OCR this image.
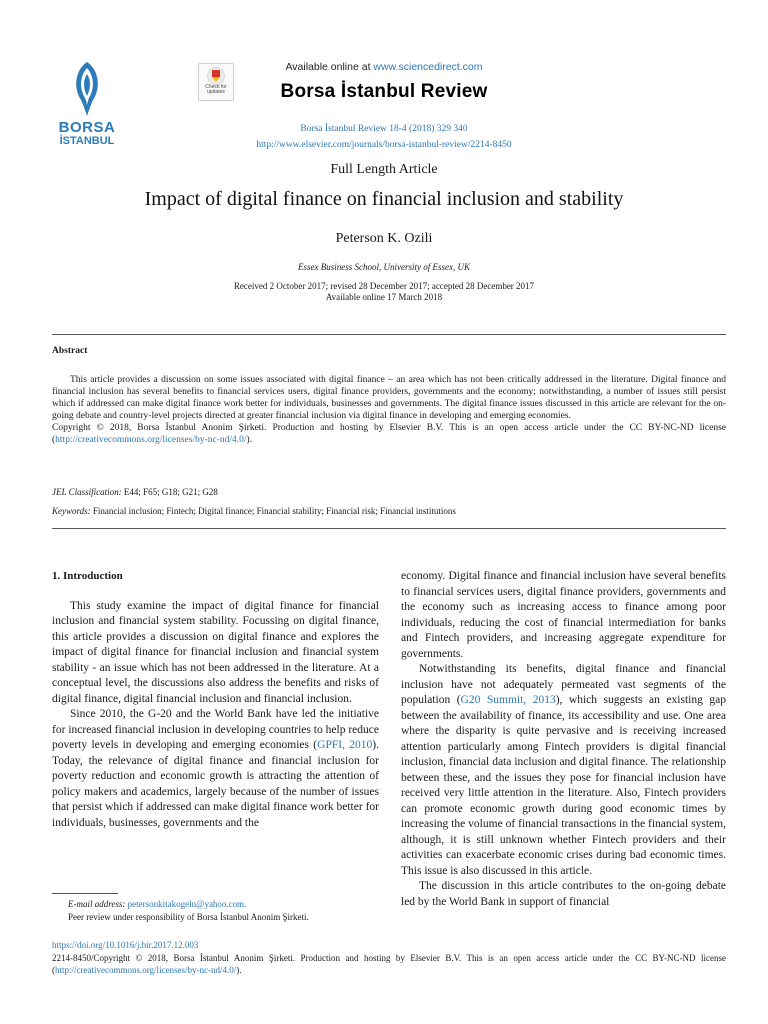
BORSA
İSTANBUL
Check for
updates
Available online at www.sciencedirect.com
Borsa İstanbul Review
Borsa İstanbul Review 18-4 (2018) 329 340
http://www.elsevier.com/journals/borsa-istanbul-review/2214-8450
Full Length Article
Impact of digital finance on financial inclusion and stability
Peterson K. Ozili
Essex Business School, University of Essex, UK
Received 2 October 2017; revised 28 December 2017; accepted 28 December 2017
Available online 17 March 2018
Abstract

This article provides a discussion on some issues associated with digital finance – an area which has not been critically addressed in the literature. Digital finance and financial inclusion has several benefits to financial services users, digital finance providers, governments and the economy; notwithstanding, a number of issues still persist which if addressed can make digital finance work better for individuals, businesses and governments. The digital finance issues discussed in this article are relevant for the on-going debate and country-level projects directed at greater financial inclusion via digital finance in developing and emerging economies.

Copyright © 2018, Borsa İstanbul Anonim Şirketi. Production and hosting by Elsevier B.V. This is an open access article under the CC BY-NC-ND license (http://creativecommons.org/licenses/by-nc-nd/4.0/).

JEL Classification: E44; F65; G18; G21; G28
Keywords: Financial inclusion; Fintech; Digital finance; Financial stability; Financial risk; Financial institutions

1. Introduction

This study examine the impact of digital finance for financial inclusion and financial system stability. Focussing on digital finance, this article provides a discussion on digital finance and explores the impact of digital finance for financial inclusion and financial system stability - an issue which has not been addressed in the literature. At a conceptual level, the discussions also address the benefits and risks of digital finance, digital financial inclusion and financial inclusion.

Since 2010, the G-20 and the World Bank have led the initiative for increased financial inclusion in developing countries to help reduce poverty levels in developing and emerging economies (GPFI, 2010). Today, the relevance of digital finance and financial inclusion for poverty reduction and economic growth is attracting the attention of policy makers and academics, largely because of the number of issues that persist which if addressed can make digital finance work better for individuals, businesses, governments and the

economy. Digital finance and financial inclusion have several benefits to financial services users, digital finance providers, governments and the economy such as increasing access to finance among poor individuals, reducing the cost of financial intermediation for banks and Fintech providers, and increasing aggregate expenditure for governments.

Notwithstanding its benefits, digital finance and financial inclusion have not adequately permeated vast segments of the population (G20 Summit, 2013), which suggests an existing gap between the availability of finance, its accessibility and use. One area where the disparity is quite pervasive and is receiving increased attention particularly among Fintech providers is digital financial inclusion, financial data inclusion and digital finance. The relationship between these, and the issues they pose for financial inclusion have received very little attention in the literature. Also, Fintech providers can promote economic growth during good economic times by increasing the volume of financial transactions in the financial system, although, it is still unknown whether Fintech providers and their activities can exacerbate economic crises during bad economic times. This issue is also discussed in this article.

The discussion in this article contributes to the on-going debate led by the World Bank in support of financial

E-mail address: petersonkitakogelu@yahoo.com.
Peer review under responsibility of Borsa İstanbul Anonim Şirketi.
https://doi.org/10.1016/j.bir.2017.12.003
2214-8450/Copyright © 2018, Borsa İstanbul Anonim Şirketi. Production and hosting by Elsevier B.V. This is an open access article under the CC BY-NC-ND license (http://creativecommons.org/licenses/by-nc-nd/4.0/).
